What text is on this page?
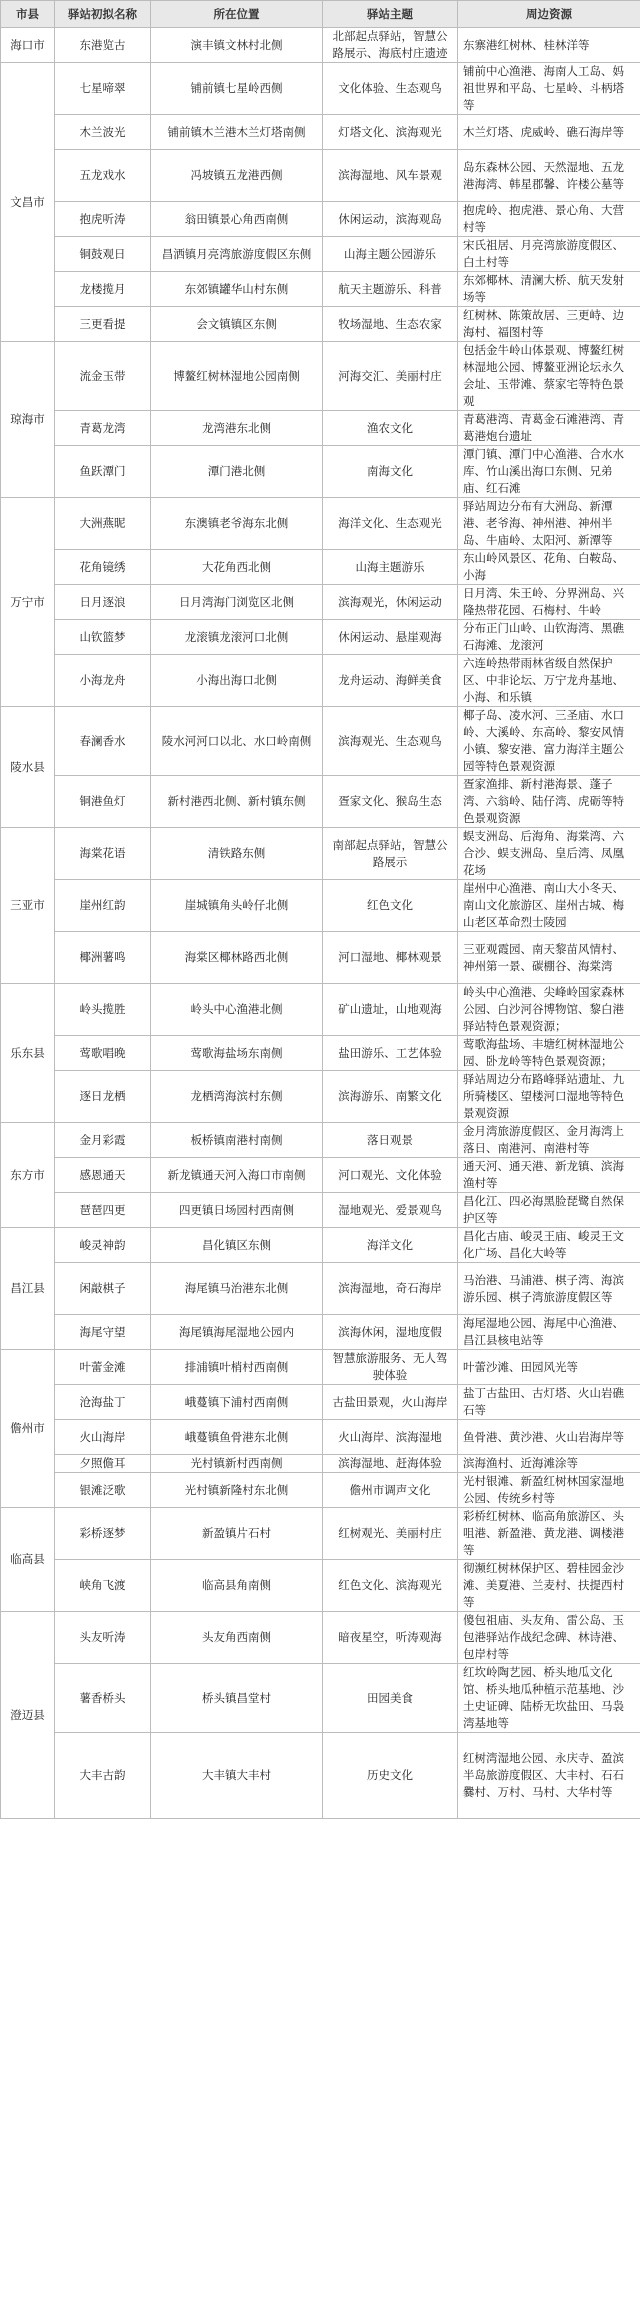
市县	驿站初拟名称	所在位置	驿站主题	周边资源
海口市	东港览古	演丰镇文林村北侧	北部起点驿站，智慧公路展示、海底村庄遗迹	东寨港红树林、桂林洋等
文昌市	七星啼翠	铺前镇七星岭西侧	文化体验、生态观鸟	铺前中心渔港、海南人工岛、妈祖世界和平岛、七星岭、斗柄塔等
	木兰波光	铺前镇木兰港木兰灯塔南侧	灯塔文化、滨海观光	木兰灯塔、虎威岭、礁石海岸等
	五龙戏水	冯坡镇五龙港西侧	滨海湿地、风车景观	岛东森林公园、天然湿地、五龙港海湾、韩星郡馨、许楼公墓等
	抱虎听涛	翁田镇景心角西南侧	休闲运动，滨海观岛	抱虎岭、抱虎港、景心角、大营村等
	铜鼓观日	昌洒镇月亮湾旅游度假区东侧	山海主题公园游乐	宋氏祖居、月亮湾旅游度假区、白土村等
	龙楼揽月	东郊镇罐华山村东侧	航天主题游乐、科普	东郊椰林、清澜大桥、航天发射场等
	三更看提	会文镇镇区东侧	牧场湿地、生态农家	红树林、陈策故居、三更峙、边海村、福图村等
琼海市	流金玉带	博鳌红树林湿地公园南侧	河海交汇、美丽村庄	包括金牛岭山体景观、博鳌红树林湿地公园、博鳌亚洲论坛永久会址、玉带滩、蔡家宅等特色景观
	青葛龙湾	龙湾港东北侧	渔农文化	青葛港湾、青葛金石滩港湾、青葛港炮台遗址
	鱼跃潭门	潭门港北侧	南海文化	潭门镇、潭门中心渔港、合水水库、竹山溪出海口东侧、兄弟庙、红石滩
万宁市	大洲燕昵	东澳镇老爷海东北侧	海洋文化、生态观光	驿站周边分布有大洲岛、新潭港、老爷海、神州港、神州半岛、牛庙岭、太阳河、新潭等
	花角镜绣	大花角西北侧	山海主题游乐	东山岭风景区、花角、白鞍岛、小海
	日月逐浪	日月湾海门浏览区北侧	滨海观光，休闲运动	日月湾、朱王岭、分界洲岛、兴隆热带花园、石梅村、牛岭
	山钦篮梦	龙滚镇龙滚河口北侧	休闲运动、悬崖观海	分布正门山岭、山钦海湾、黑礁石海滩、龙滚河
	小海龙舟	小海出海口北侧	龙舟运动、海鲜美食	六连岭热带雨林省级自然保护区、中非论坛、万宁龙舟基地、小海、和乐镇
陵水县	春澜香水	陵水河河口以北、水口岭南侧	滨海观光、生态观鸟	椰子岛、凌水河、三圣庙、水口岭、大溪岭、东高岭、黎安风情小镇、黎安港、富力海洋主题公园等特色景观资源
	铜港鱼灯	新村港西北侧、新村镇东侧	疍家文化、猴岛生态	疍家渔排、新村港海景、蓬子湾、六翁岭、陆仔湾、虎砺等特色景观资源
三亚市	海棠花语	清铁路东侧	南部起点驿站，智慧公路展示	蜈支洲岛、后海角、海棠湾、六合沙、蜈支洲岛、皇后湾、凤凰花场
	崖州红韵	崖城镇角头岭仔北侧	红色文化	崖州中心渔港、南山大小冬天、南山文化旅游区、崖州古城、梅山老区革命烈士陵园
	椰洲薯鸣	海棠区椰林路西北侧	河口湿地、椰林观景	三亚观霞园、南天黎苗风情村、神州第一景、碳棚谷、海棠湾
乐东县	岭头揽胜	岭头中心渔港北侧	矿山遗址，山地观海	岭头中心渔港、尖峰岭国家森林公园、白沙河谷博物馆、黎白港驿站特色景观资源；
	莺歌唱晚	莺歌海盐场东南侧	盐田游乐、工艺体验	莺歌海盐场、丰塘红树林湿地公园、卧龙岭等特色景观资源；
	逐日龙栖	龙栖湾海滨村东侧	滨海游乐、南繁文化	驿站周边分布路峰驿站遗址、九所骑楼区、望楼河口湿地等特色景观资源
东方市	金月彩霞	板桥镇南港村南侧	落日观景	金月湾旅游度假区、金月海湾上落日、南港河、南港村等
	感恩通天	新龙镇通天河入海口市南侧	河口观光、文化体验	通天河、通天港、新龙镇、滨海渔村等
	琶琶四更	四更镇日场园村西南侧	湿地观光、爱景观鸟	昌化江、四必海黑脸琵鹭自然保护区等
昌江县	峻灵神韵	昌化镇区东侧	海洋文化	昌化古庙、峻灵王庙、峻灵王文化广场、昌化大岭等
	闲敲棋子	海尾镇马治港东北侧	滨海湿地，奇石海岸	马治港、马浦港、棋子湾、海滨游乐园、棋子湾旅游度假区等
	海尾守望	海尾镇海尾湿地公园内	滨海休闲，湿地度假	海尾湿地公园、海尾中心渔港、昌江县核电站等
儋州市	叶蕾金滩	排浦镇叶梢村西南侧	智慧旅游服务、无人驾驶体验	叶蕾沙滩、田园风光等
	沧海盐丁	峨蔓镇下浦村西南侧	古盐田景观，火山海岸	盐丁古盐田、古灯塔、火山岩礁石等
	火山海岸	峨蔓镇鱼骨港东北侧	火山海岸、滨海湿地	鱼骨港、黄沙港、火山岩海岸等
	夕照儋耳	光村镇新村西南侧	滨海湿地、赶海体验	滨海渔村、近海滩涂等
	银滩泛歌	光村镇新隆村东北侧	儋州市调声文化	光村银滩、新盈红树林国家湿地公园、传统乡村等
临高县	彩桥逐梦	新盈镇片石村	红树观光、美丽村庄	彩桥红树林、临高角旅游区、头咀港、新盈港、黄龙港、调楼港等
	峡角飞渡	临高县角南侧	红色文化、滨海观光	彻濒红树林保护区、碧桂园金沙滩、美夏港、兰麦村、扶提西村等
澄迈县	头友听涛	头友角西南侧	暗夜星空，听涛观海	傻包祖庙、头友角、雷公岛、玉包港驿站作战纪念碑、林诗港、包岸村等
	薯香桥头	桥头镇昌堂村	田园美食	红坎岭陶艺园、桥头地瓜文化馆、桥头地瓜种植示范基地、沙土史证碑、陆桥无坎盐田、马袅湾基地等
	大丰古韵	大丰镇大丰村	历史文化	红树湾湿地公园、永庆寺、盈滨半岛旅游度假区、大丰村、石石爨村、万村、马村、大华村等
